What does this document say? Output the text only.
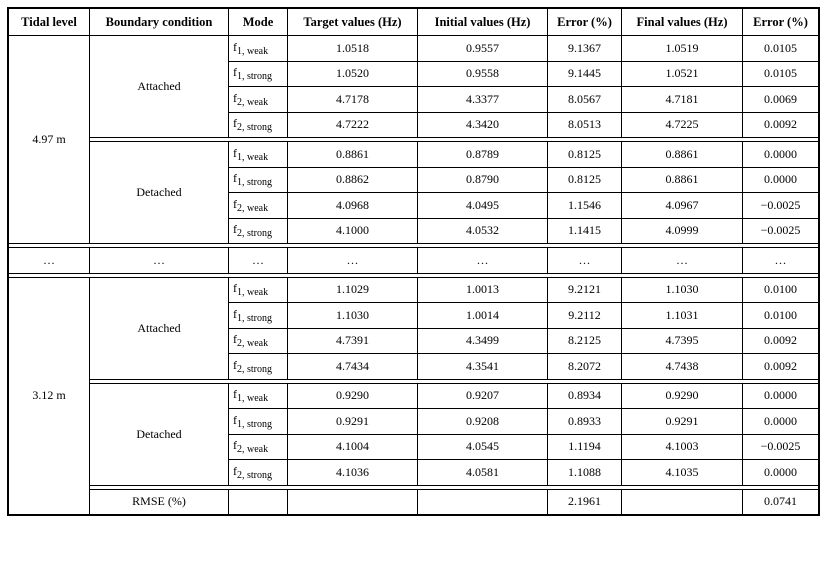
Tidal level	Boundary condition	Mode	Target values (Hz)	Initial values (Hz)	Error (%)	Final values (Hz)	Error (%)
4.97 m	Attached	$f_{1, weak}$	1.0518	0.9557	9.1367	1.0519	0.0105
		$f_{1, strong}$	1.0520	0.9558	9.1445	1.0521	0.0105
		$f_{2, weak}$	4.7178	4.3377	8.0567	4.7181	0.0069
		$f_{2, strong}$	4.7222	4.3420	8.0513	4.7225	0.0092

	Detached	$f_{1, weak}$	0.8861	0.8789	0.8125	0.8861	0.0000
		$f_{1, strong}$	0.8862	0.8790	0.8125	0.8861	0.0000
		$f_{2, weak}$	4.0968	4.0495	1.1546	4.0967	−0.0025
		$f_{2, strong}$	4.1000	4.0532	1.1415	4.0999	−0.0025

…	…	…	…	…	…	…	…

3.12 m	Attached	$f_{1, weak}$	1.1029	1.0013	9.2121	1.1030	0.0100
		$f_{1, strong}$	1.1030	1.0014	9.2112	1.1031	0.0100
		$f_{2, weak}$	4.7391	4.3499	8.2125	4.7395	0.0092
		$f_{2, strong}$	4.7434	4.3541	8.2072	4.7438	0.0092

	Detached	$f_{1, weak}$	0.9290	0.9207	0.8934	0.9290	0.0000
		$f_{1, strong}$	0.9291	0.9208	0.8933	0.9291	0.0000
		$f_{2, weak}$	4.1004	4.0545	1.1194	4.1003	−0.0025
		$f_{2, strong}$	4.1036	4.0581	1.1088	4.1035	0.0000

	RMSE (%)				2.1961		0.0741
